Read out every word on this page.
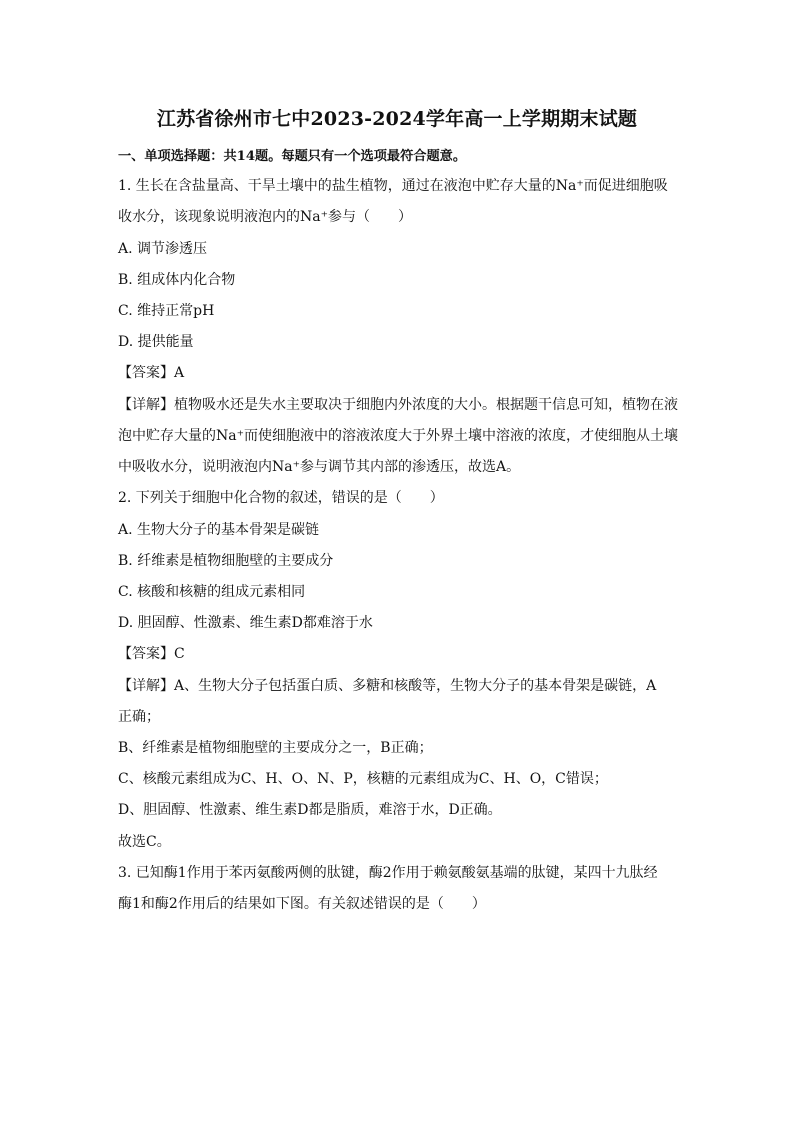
江苏省徐州市七中2023-2024学年高一上学期期末试题
一、单项选择题：共14题。每题只有一个选项最符合题意。
1. 生长在含盐量高、干旱土壤中的盐生植物，通过在液泡中贮存大量的Na⁺而促进细胞吸
收水分，该现象说明液泡内的Na⁺参与（　　）
A. 调节渗透压
B. 组成体内化合物
C. 维持正常pH
D. 提供能量
【答案】A
【详解】植物吸水还是失水主要取决于细胞内外浓度的大小。根据题干信息可知，植物在液
泡中贮存大量的Na⁺而使细胞液中的溶液浓度大于外界土壤中溶液的浓度，才使细胞从土壤
中吸收水分，说明液泡内Na⁺参与调节其内部的渗透压，故选A。
2. 下列关于细胞中化合物的叙述，错误的是（　　）
A. 生物大分子的基本骨架是碳链
B. 纤维素是植物细胞壁的主要成分
C. 核酸和核糖的组成元素相同
D. 胆固醇、性激素、维生素D都难溶于水
【答案】C
【详解】A、生物大分子包括蛋白质、多糖和核酸等，生物大分子的基本骨架是碳链，A
正确；
B、纤维素是植物细胞壁的主要成分之一，B正确；
C、核酸元素组成为C、H、O、N、P，核糖的元素组成为C、H、O，C错误；
D、胆固醇、性激素、维生素D都是脂质，难溶于水，D正确。
故选C。
3. 已知酶1作用于苯丙氨酸两侧的肽键，酶2作用于赖氨酸氨基端的肽键，某四十九肽经
酶1和酶2作用后的结果如下图。有关叙述错误的是（　　）
